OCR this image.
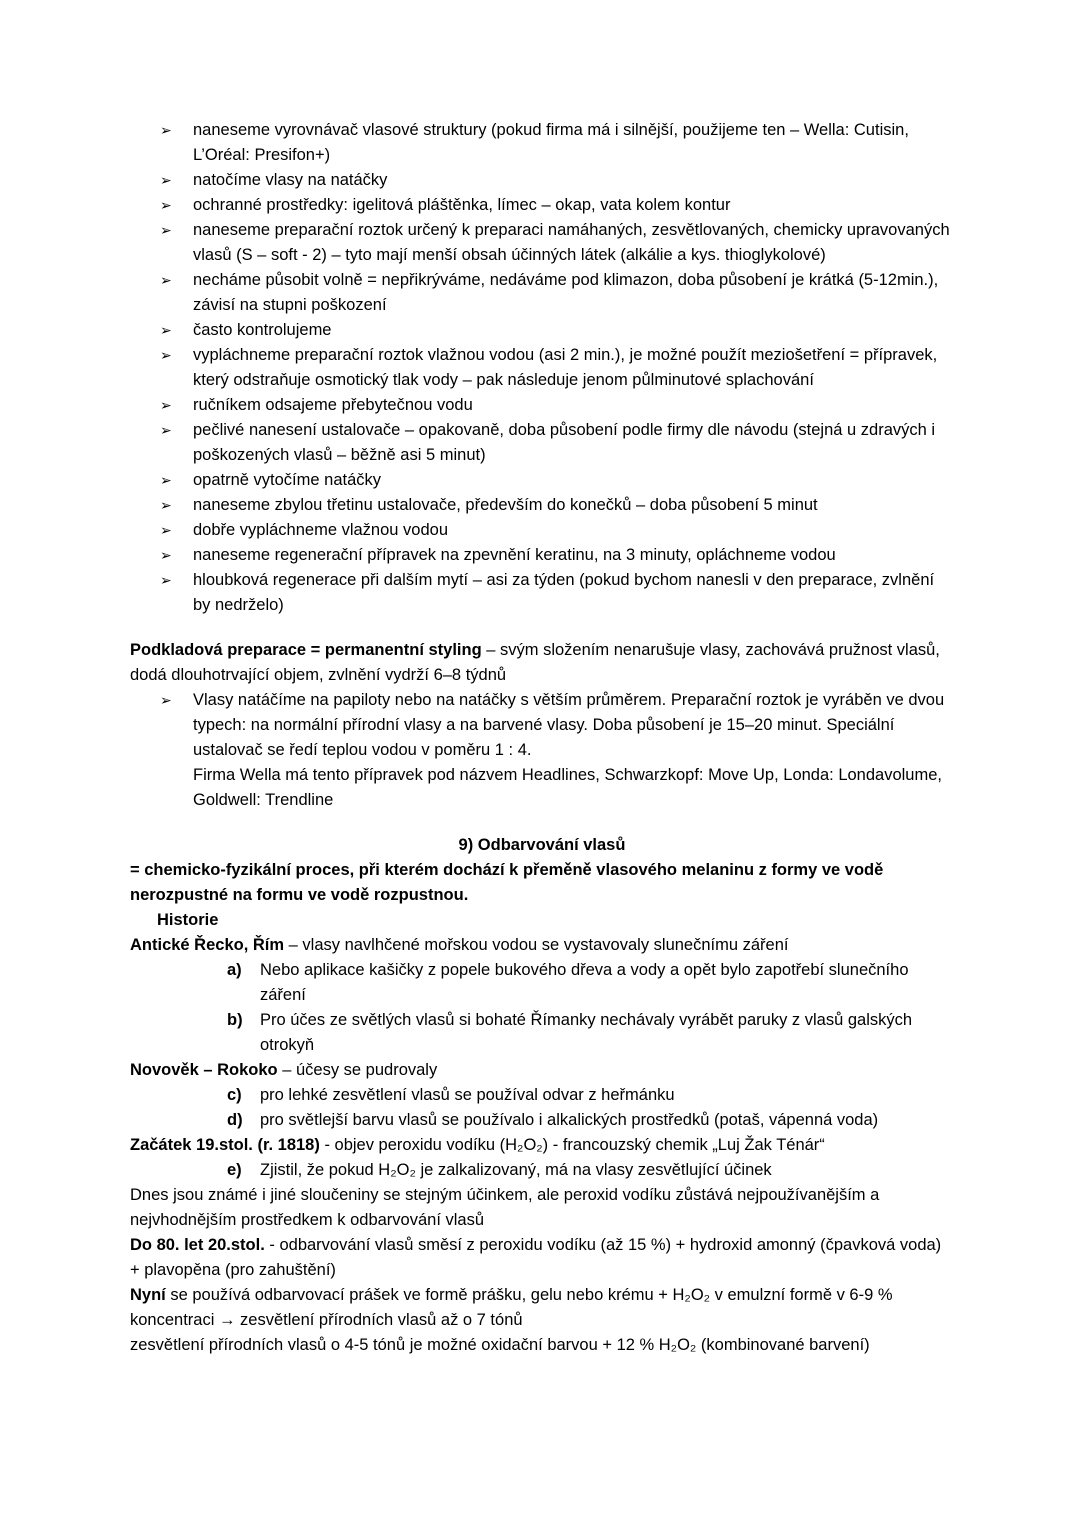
➢	naneseme vyrovnávač vlasové struktury (pokud firma má i silnější, použijeme ten – Wella: Cutisin, L’Oréal: Presifon+)
➢	natočíme vlasy na natáčky
➢	ochranné prostředky: igelitová pláštěnka, límec – okap, vata kolem kontur
➢	naneseme preparační roztok určený k preparaci namáhaných, zesvětlovaných, chemicky upravovaných vlasů (S – soft - 2) – tyto mají menší obsah účinných látek (alkálie a kys. thioglykolové)
➢	necháme působit volně = nepřikrýváme, nedáváme pod klimazon, doba působení je krátká (5-12min.), závisí na stupni poškození
➢	často kontrolujeme
➢	vypláchneme preparační roztok vlažnou vodou (asi 2 min.), je možné použít meziošetření = přípravek, který odstraňuje osmotický tlak vody – pak následuje jenom půlminutové splachování
➢	ručníkem odsajeme přebytečnou vodu
➢	pečlivé nanesení ustalovače – opakovaně, doba působení podle firmy dle návodu (stejná u zdravých i poškozených vlasů – běžně asi 5 minut)
➢	opatrně vytočíme natáčky
➢	naneseme zbylou třetinu ustalovače, především do konečků – doba působení 5 minut
➢	dobře vypláchneme vlažnou vodou
➢	naneseme regenerační přípravek na zpevnění keratinu, na 3 minuty, opláchneme vodou
➢	hloubková regenerace při dalším mytí – asi za týden (pokud bychom nanesli v den preparace, zvlnění by nedrželo)

Podkladová preparace = permanentní styling – svým složením nenarušuje vlasy, zachovává pružnost vlasů, dodá dlouhotrvající objem, zvlnění vydrží 6–8 týdnů

➢	Vlasy natáčíme na papiloty nebo na natáčky s větším průměrem. Preparační roztok je vyráběn ve dvou typech: na normální přírodní vlasy a na barvené vlasy. Doba působení je 15–20 minut. Speciální ustalovač se ředí teplou vodou v poměru 1 : 4.
Firma Wella má tento přípravek pod názvem Headlines, Schwarzkopf: Move Up, Londa: Londavolume, Goldwell: Trendline
9) Odbarvování vlasů

= chemicko-fyzikální proces, při kterém dochází k přeměně vlasového melaninu z formy ve vodě nerozpustné na formu ve vodě rozpustnou.

Historie

Antické Řecko, Řím – vlasy navlhčené mořskou vodou se vystavovaly slunečnímu záření

a)	Nebo aplikace kašičky z popele bukového dřeva a vody a opět bylo zapotřebí slunečního záření
b)	Pro účes ze světlých vlasů si bohaté Římanky nechávaly vyrábět paruky z vlasů galských otrokyň

Novověk – Rokoko – účesy se pudrovaly

c)	pro lehké zesvětlení vlasů se používal odvar z heřmánku
d)	pro světlejší barvu vlasů se používalo i alkalických prostředků (potaš, vápenná voda)

Začátek 19.stol. (r. 1818) - objev peroxidu vodíku (H₂O₂) - francouzský chemik „Luj Žak Ténár“

e)	Zjistil, že pokud H₂O₂ je zalkalizovaný, má na vlasy zesvětlující účinek

Dnes jsou známé i jiné sloučeniny se stejným účinkem, ale peroxid vodíku zůstává nejpoužívanějším a nejvhodnějším prostředkem k odbarvování vlasů

Do 80. let 20.stol. - odbarvování vlasů směsí z peroxidu vodíku (až 15 %) + hydroxid amonný (čpavková voda) + plavopěna (pro zahuštění)

Nyní se používá odbarvovací prášek ve formě prášku, gelu nebo krému + H₂O₂ v emulzní formě v 6-9 % koncentraci → zesvětlení přírodních vlasů až o 7 tónů

zesvětlení přírodních vlasů o 4-5 tónů je možné oxidační barvou + 12 % H₂O₂ (kombinované barvení)
